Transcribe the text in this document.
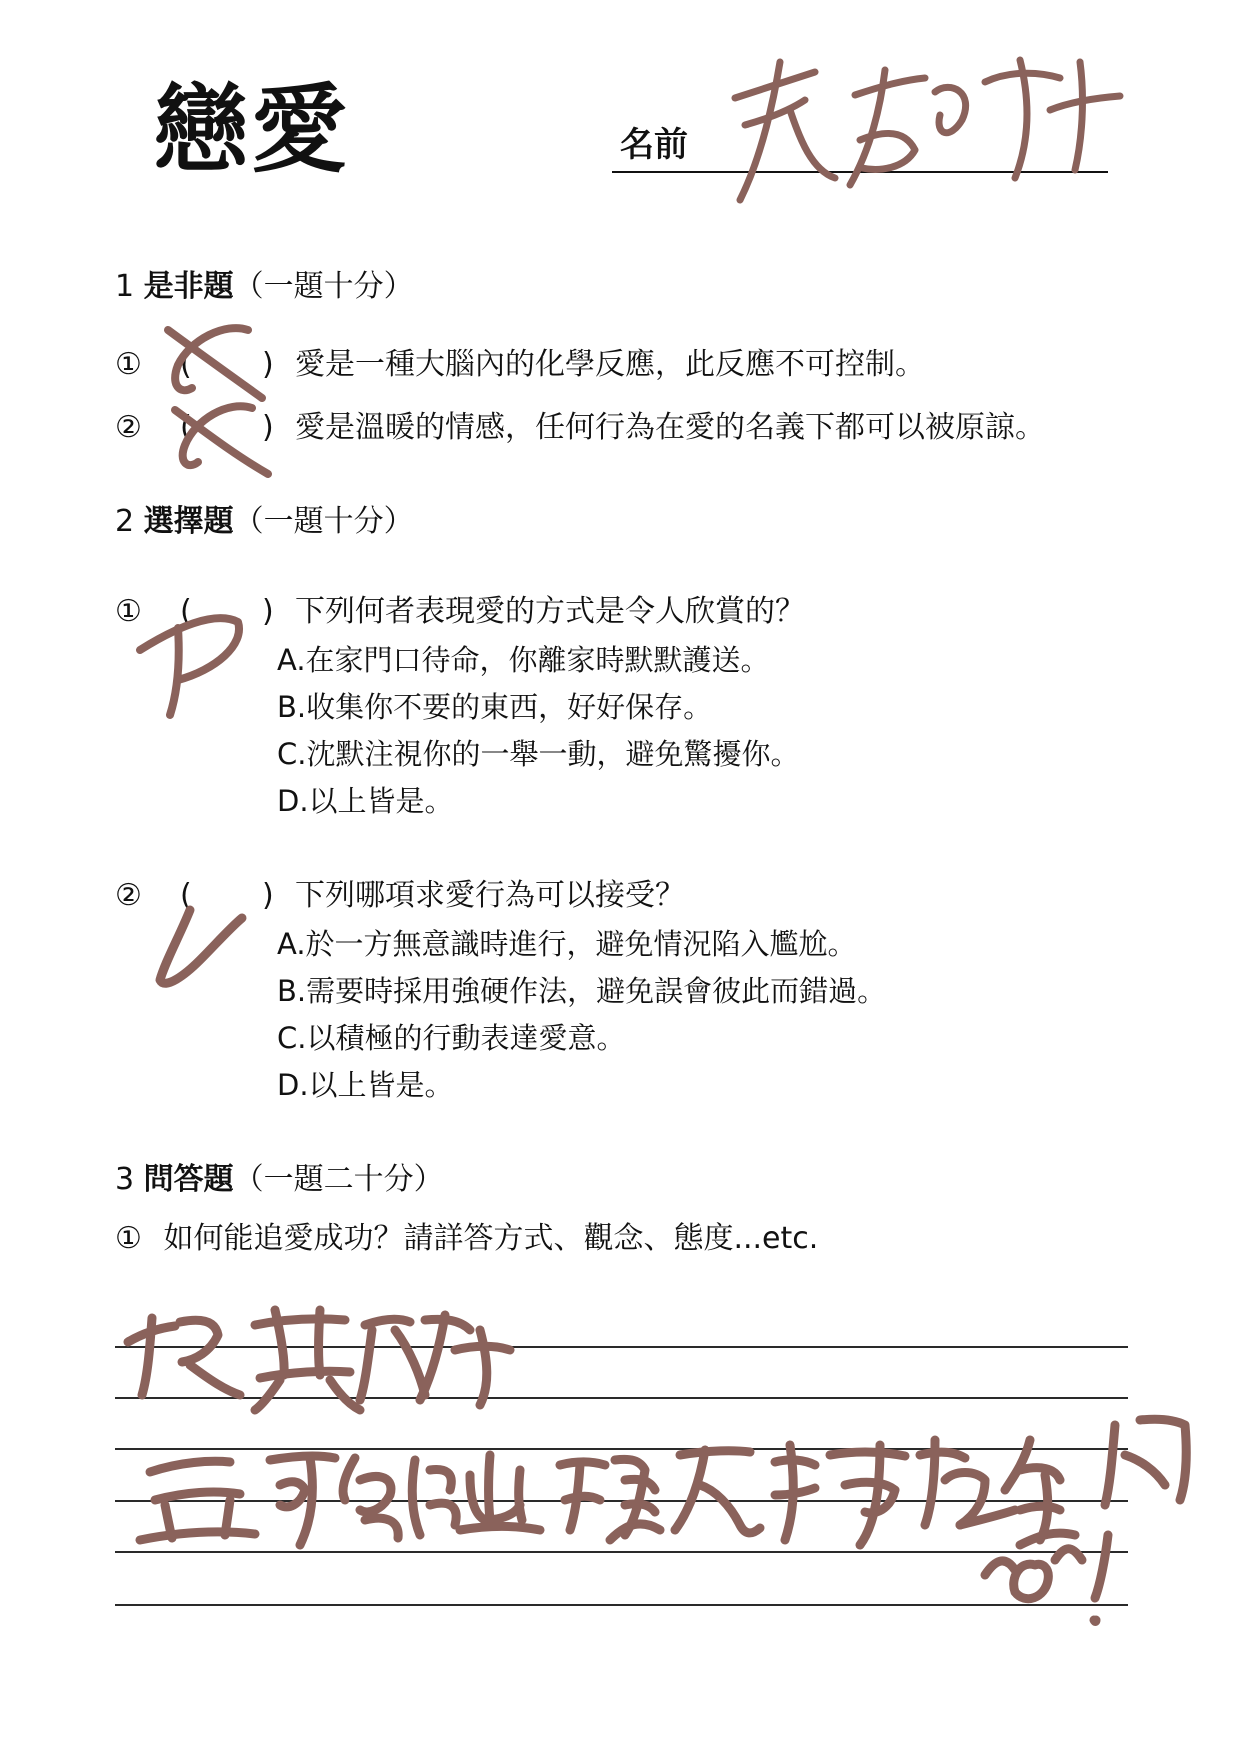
戀愛	名前
1 是非題（一題十分）
① ( ) 愛是一種大腦內的化學反應，此反應不可控制。
② ( ) 愛是溫暖的情感，任何行為在愛的名義下都可以被原諒。
2 選擇題（一題十分）
① ( ) 下列何者表現愛的方式是令人欣賞的？
A.在家門口待命，你離家時默默護送。
B.收集你不要的東西，好好保存。
C.沈默注視你的一舉一動，避免驚擾你。
D.以上皆是。
② ( ) 下列哪項求愛行為可以接受？
A.於一方無意識時進行，避免情況陷入尷尬。
B.需要時採用強硬作法，避免誤會彼此而錯過。
C.以積極的行動表達愛意。
D.以上皆是。
3 問答題（一題二十分）
① 如何能追愛成功？請詳答方式、觀念、態度...etc.
